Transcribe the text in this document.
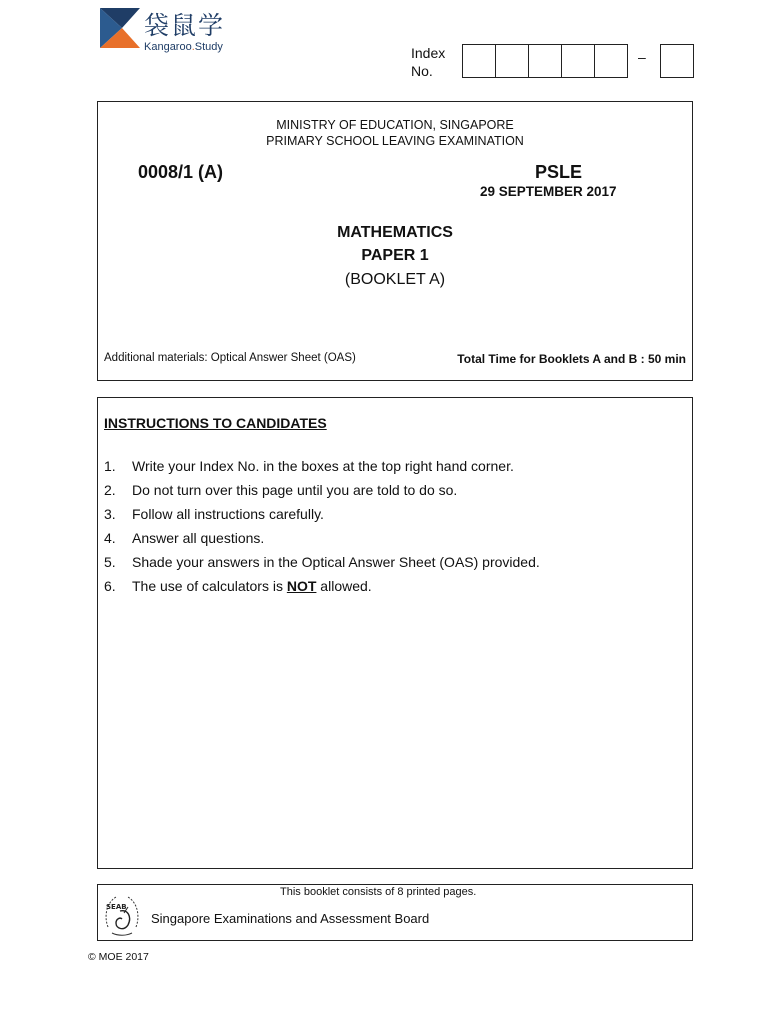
袋鼠学
Kangaroo.Study	Index
No.
–
MINISTRY OF EDUCATION, SINGAPORE
PRIMARY SCHOOL LEAVING EXAMINATION
0008/1 (A)	PSLE
29 SEPTEMBER 2017
MATHEMATICS
PAPER 1
(BOOKLET A)
Additional materials: Optical Answer Sheet (OAS)	Total Time for Booklets A and B : 50 min
INSTRUCTIONS TO CANDIDATES
1. Write your Index No. in the boxes at the top right hand corner.
2. Do not turn over this page until you are told to do so.
3. Follow all instructions carefully.
4. Answer all questions.
5. Shade your answers in the Optical Answer Sheet (OAS) provided.
6. The use of calculators is NOT allowed.
This booklet consists of 8 printed pages.
SEAB
Singapore Examinations and Assessment Board
© MOE 2017
